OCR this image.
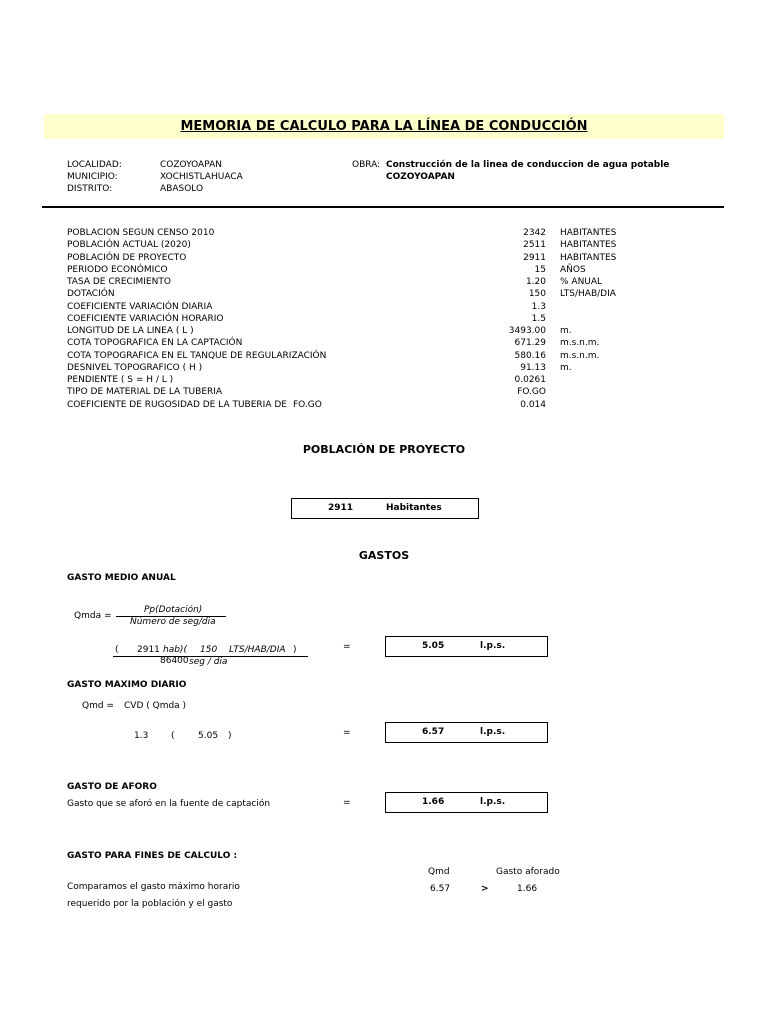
MEMORIA DE CALCULO PARA LA LÍNEA DE CONDUCCIÓN
LOCALIDAD:	COZOYOAPAN
MUNICIPIO:	XOCHISTLAHUACA
DISTRITO:	ABASOLO
OBRA: Construcción de la linea de conduccion de agua potable
COZOYOAPAN
POBLACION SEGUN CENSO 2010	2342 HABITANTES
POBLACIÓN ACTUAL (2020)	2511 HABITANTES
POBLACIÓN DE PROYECTO	2911 HABITANTES
PERIODO ECONÓMICO	15 AÑOS
TASA DE CRECIMIENTO	1.20 % ANUAL
DOTACIÓN	150 LTS/HAB/DIA
COEFICIENTE VARIACIÓN DIARIA	1.3
COEFICIENTE VARIACIÓN HORARIO	1.5
LONGITUD DE LA LINEA ( L )	3493.00 m.
COTA TOPOGRAFICA EN LA CAPTACIÓN	671.29 m.s.n.m.
COTA TOPOGRAFICA EN EL TANQUE DE REGULARIZACIÓN	580.16 m.s.n.m.
DESNIVEL TOPOGRAFICO ( H )	91.13 m.
PENDIENTE ( S = H / L )	0.0261
TIPO DE MATERIAL DE LA TUBERIA	FO.GO
COEFICIENTE DE RUGOSIDAD DE LA TUBERIA DE FO.GO	0.014
POBLACIÓN DE PROYECTO
2911	Habitantes
GASTOS
GASTO MEDIO ANUAL
Qmda =
Pp(Dotación)
Número de seg/dia
( 2911 hab)( 150 LTS/HAB/DIA )
86400 seg / dia
=	5.05	l.p.s.
GASTO MAXIMO DIARIO
Qmd = CVD ( Qmda )
1.3	(	5.05 )	=	6.57	l.p.s.
GASTO DE AFORO
Gasto que se aforó en la fuente de captación	=	1.66	l.p.s.
GASTO PARA FINES DE CALCULO :
Qmd	Gasto aforado
Comparamos el gasto máximo horario
requerido por la población y el gasto
6.57	>	1.66
